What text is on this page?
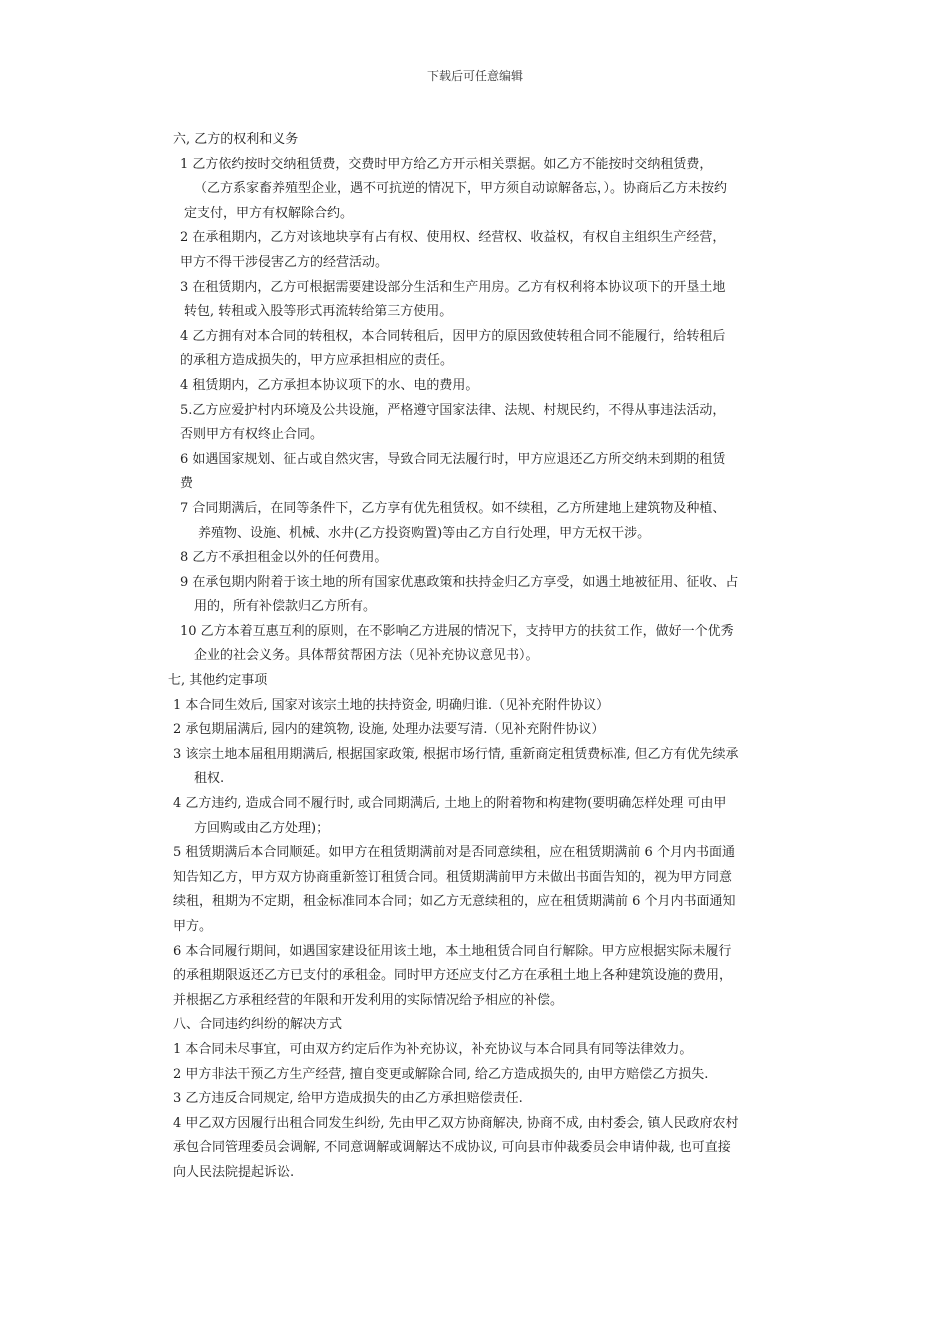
下载后可任意编辑
六, 乙方的权利和义务
1 乙方依约按时交纳租赁费，交费时甲方给乙方开示相关票据。如乙方不能按时交纳租赁费，
（乙方系家畜养殖型企业，遇不可抗逆的情况下，甲方须自动谅解备忘，）。协商后乙方未按约
定支付，甲方有权解除合约。
2 在承租期内，乙方对该地块享有占有权、使用权、经营权、收益权，有权自主组织生产经营，
甲方不得干涉侵害乙方的经营活动。
3 在租赁期内，乙方可根据需要建设部分生活和生产用房。乙方有权利将本协议项下的开垦土地
转包, 转租或入股等形式再流转给第三方使用。
4 乙方拥有对本合同的转租权，本合同转租后，因甲方的原因致使转租合同不能履行，给转租后
的承租方造成损失的，甲方应承担相应的责任。
4 租赁期内，乙方承担本协议项下的水、电的费用。
5.乙方应爱护村内环境及公共设施，严格遵守国家法律、法规、村规民约，不得从事违法活动，
否则甲方有权终止合同。
6 如遇国家规划、征占或自然灾害，导致合同无法履行时，甲方应退还乙方所交纳未到期的租赁
费
7 合同期满后，在同等条件下，乙方享有优先租赁权。如不续租，乙方所建地上建筑物及种植、
养殖物、设施、机械、水井(乙方投资购置)等由乙方自行处理，甲方无权干涉。
8 乙方不承担租金以外的任何费用。
9 在承包期内附着于该土地的所有国家优惠政策和扶持金归乙方享受，如遇土地被征用、征收、占
用的，所有补偿款归乙方所有。
10 乙方本着互惠互利的原则，在不影响乙方进展的情况下，支持甲方的扶贫工作，做好一个优秀
企业的社会义务。具体帮贫帮困方法（见补充协议意见书）。
七, 其他约定事项
1 本合同生效后, 国家对该宗土地的扶持资金, 明确归谁.（见补充附件协议）
2 承包期届满后, 园内的建筑物, 设施, 处理办法要写清.（见补充附件协议）
3 该宗土地本届租用期满后, 根据国家政策, 根据市场行情, 重新商定租赁费标准, 但乙方有优先续承
租权.
4 乙方违约, 造成合同不履行时, 或合同期满后, 土地上的附着物和构建物(要明确怎样处理 可由甲
方回购或由乙方处理)；
5 租赁期满后本合同顺延。如甲方在租赁期满前对是否同意续租，应在租赁期满前 6 个月内书面通
知告知乙方，甲方双方协商重新签订租赁合同。租赁期满前甲方未做出书面告知的，视为甲方同意
续租，租期为不定期，租金标准同本合同；如乙方无意续租的，应在租赁期满前 6 个月内书面通知
甲方。
6 本合同履行期间，如遇国家建设征用该土地，本土地租赁合同自行解除。甲方应根据实际未履行
的承租期限返还乙方已支付的承租金。同时甲方还应支付乙方在承租土地上各种建筑设施的费用，
并根据乙方承租经营的年限和开发利用的实际情况给予相应的补偿。
八、合同违约纠纷的解决方式
1 本合同未尽事宜，可由双方约定后作为补充协议，补充协议与本合同具有同等法律效力。
2 甲方非法干预乙方生产经营, 擅自变更或解除合同, 给乙方造成损失的, 由甲方赔偿乙方损失.
3 乙方违反合同规定, 给甲方造成损失的由乙方承担赔偿责任.
4 甲乙双方因履行出租合同发生纠纷, 先由甲乙双方协商解决, 协商不成, 由村委会, 镇人民政府农村
承包合同管理委员会调解, 不同意调解或调解达不成协议, 可向县市仲裁委员会申请仲裁, 也可直接
向人民法院提起诉讼.
